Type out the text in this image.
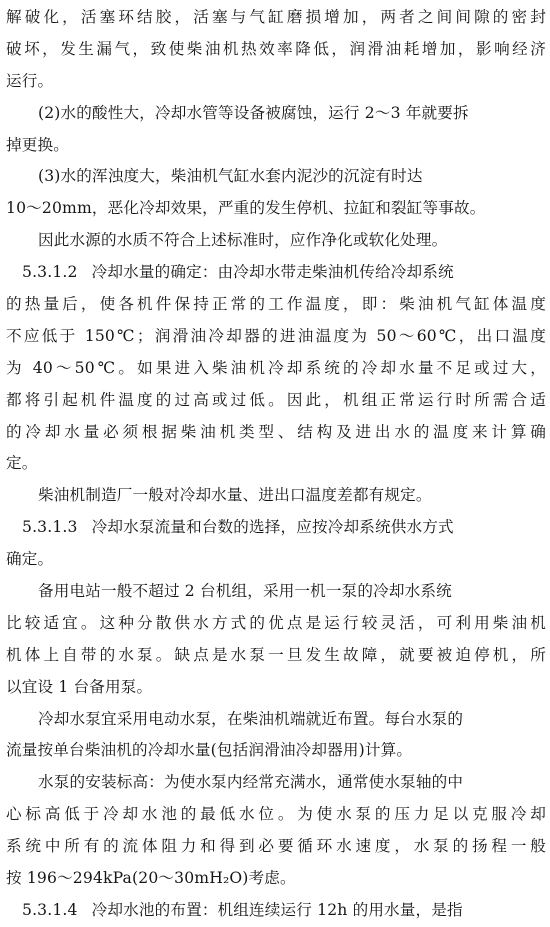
解破化，活塞环结胶，活塞与气缸磨损增加，两者之间间隙的密封
破坏，发生漏气，致使柴油机热效率降低，润滑油耗增加，影响经济
运行。
(2)水的酸性大，冷却水管等设备被腐蚀，运行 2～3 年就要拆
掉更换。
(3)水的浑浊度大，柴油机气缸水套内泥沙的沉淀有时达
10～20mm，恶化冷却效果，严重的发生停机、拉缸和裂缸等事故。
因此水源的水质不符合上述标准时，应作净化或软化处理。
5.3.1.2 冷却水量的确定：由冷却水带走柴油机传给冷却系统
的热量后，使各机件保持正常的工作温度，即：柴油机气缸体温度
不应低于 150℃；润滑油冷却器的进油温度为 50～60℃，出口温度
为 40～50℃。如果进入柴油机冷却系统的冷却水量不足或过大，
都将引起机件温度的过高或过低。因此，机组正常运行时所需合适
的冷却水量必须根据柴油机类型、结构及进出水的温度来计算确
定。
柴油机制造厂一般对冷却水量、进出口温度差都有规定。
5.3.1.3 冷却水泵流量和台数的选择，应按冷却系统供水方式
确定。
备用电站一般不超过 2 台机组，采用一机一泵的冷却水系统
比较适宜。这种分散供水方式的优点是运行较灵活，可利用柴油机
机体上自带的水泵。缺点是水泵一旦发生故障，就要被迫停机，所
以宜设 1 台备用泵。
冷却水泵宜采用电动水泵，在柴油机端就近布置。每台水泵的
流量按单台柴油机的冷却水量(包括润滑油冷却器用)计算。
水泵的安装标高：为使水泵内经常充满水，通常使水泵轴的中
心标高低于冷却水池的最低水位。为使水泵的压力足以克服冷却
系统中所有的流体阻力和得到必要循环水速度，水泵的扬程一般
按 196～294kPa(20～30mH₂O)考虑。
5.3.1.4 冷却水池的布置：机组连续运行 12h 的用水量，是指
